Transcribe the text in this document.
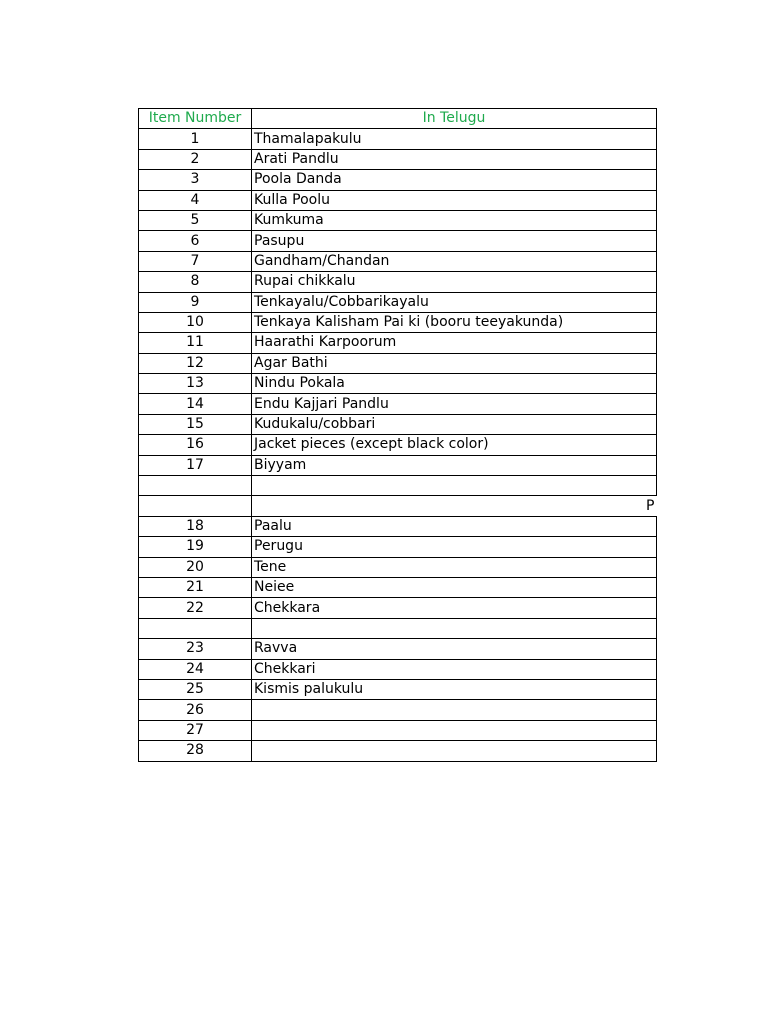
Item Number	In Telugu
1	Thamalapakulu
2	Arati Pandlu
3	Poola Danda
4	Kulla Poolu
5	Kumkuma
6	Pasupu
7	Gandham/Chandan
8	Rupai chikkalu
9	Tenkayalu/Cobbarikayalu
10	Tenkaya Kalisham Pai ki (booru teeyakunda)
11	Haarathi Karpoorum
12	Agar Bathi
13	Nindu Pokala
14	Endu Kajjari Pandlu
15	Kudukalu/cobbari
16	Jacket pieces (except black color)
17	Biyyam

	P
18	Paalu
19	Perugu
20	Tene
21	Neiee
22	Chekkara

23	Ravva
24	Chekkari
25	Kismis palukulu
26	
27	
28	
